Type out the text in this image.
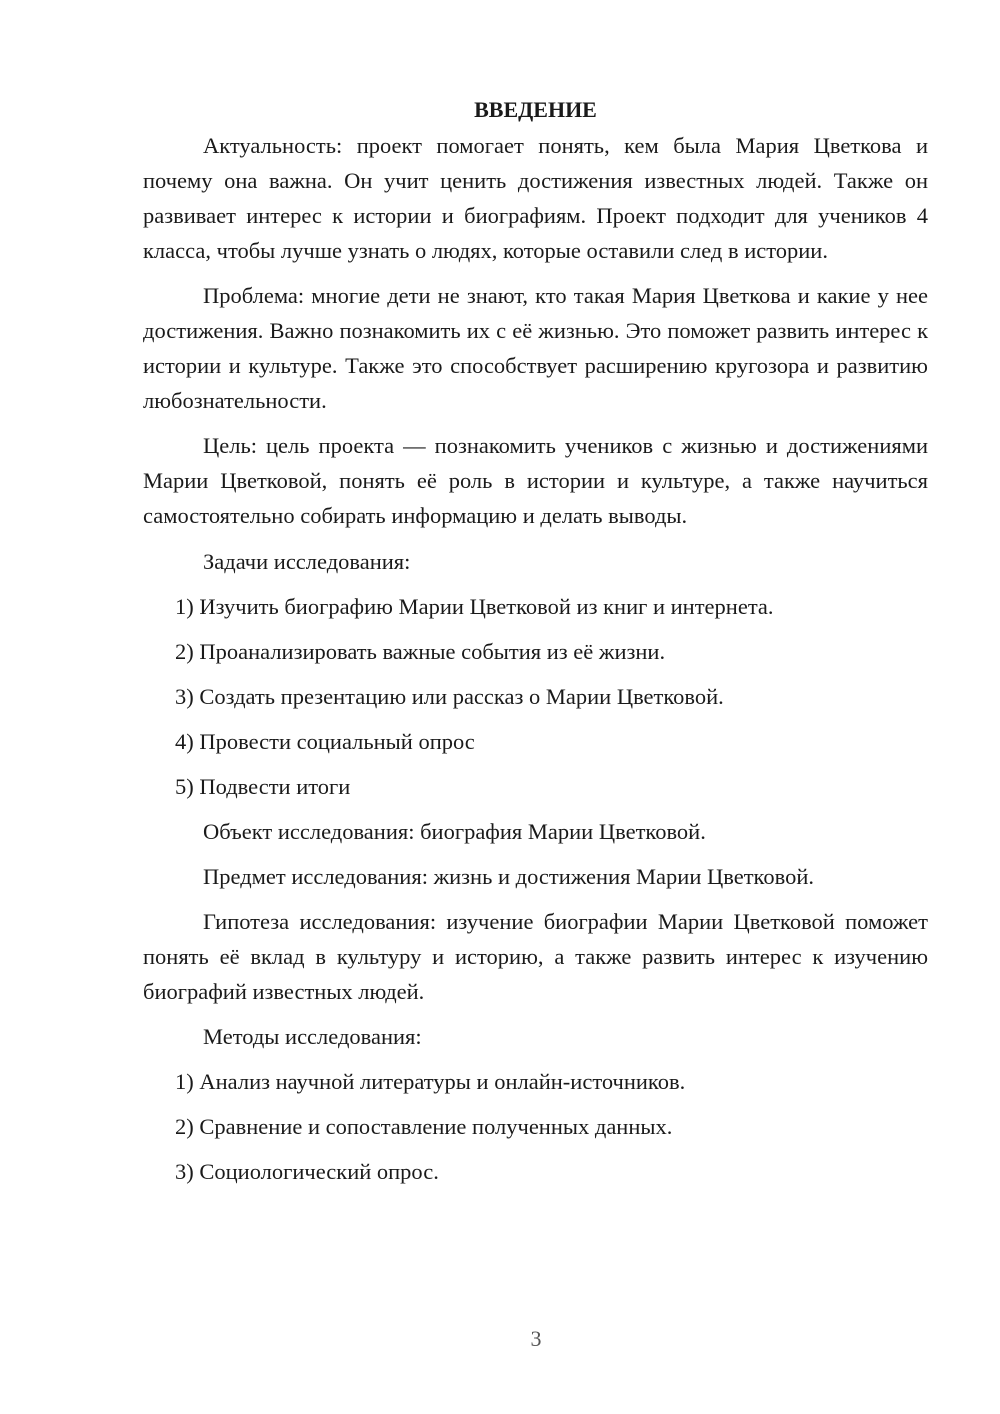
ВВЕДЕНИЕ

Актуальность: проект помогает понять, кем была Мария Цветкова и почему она важна. Он учит ценить достижения известных людей. Также он развивает интерес к истории и биографиям. Проект подходит для учеников 4 класса, чтобы лучше узнать о людях, которые оставили след в истории.

Проблема: многие дети не знают, кто такая Мария Цветкова и какие у нее достижения. Важно познакомить их с её жизнью. Это поможет развить интерес к истории и культуре. Также это способствует расширению кругозора и развитию любознательности.

Цель: цель проекта — познакомить учеников с жизнью и достижениями Марии Цветковой, понять её роль в истории и культуре, а также научиться самостоятельно собирать информацию и делать выводы.

Задачи исследования:
1) Изучить биографию Марии Цветковой из книг и интернета.
2) Проанализировать важные события из её жизни.
3) Создать презентацию или рассказ о Марии Цветковой.
4) Провести социальный опрос
5) Подвести итоги
Объект исследования: биография Марии Цветковой.
Предмет исследования: жизнь и достижения Марии Цветковой.

Гипотеза исследования: изучение биографии Марии Цветковой поможет понять её вклад в культуру и историю, а также развить интерес к изучению биографий известных людей.

Методы исследования:
1) Анализ научной литературы и онлайн-источников.
2) Сравнение и сопоставление полученных данных.
3) Социологический опрос.
3
